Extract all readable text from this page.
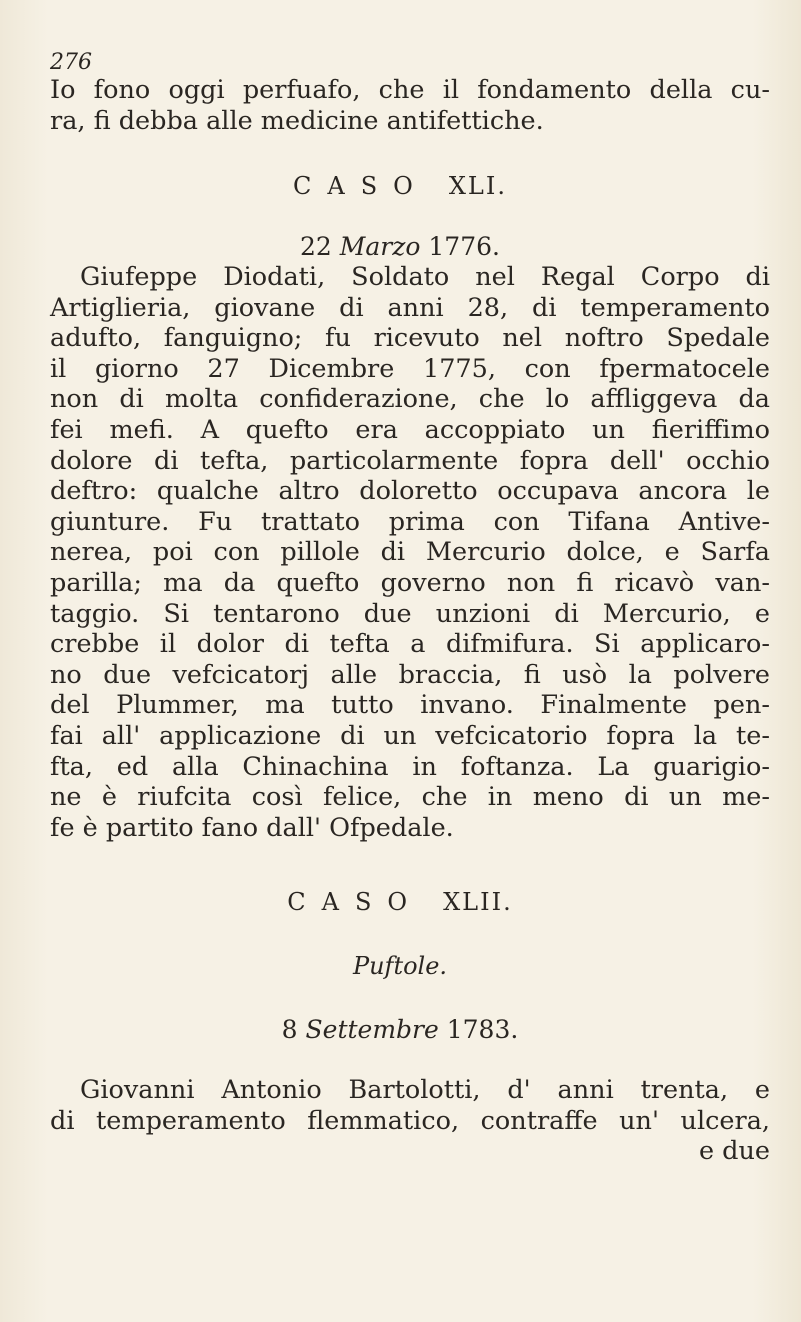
276
Io fono oggi perfuafo, che il fondamento della cu-
ra, fi debba alle medicine antifettiche.
CASO XLI.
22 Marzo 1776.
Giufeppe Diodati, Soldato nel Regal Corpo di
Artiglieria, giovane di anni 28, di temperamento
adufto, fanguigno; fu ricevuto nel noftro Spedale
il giorno 27 Dicembre 1775, con fpermatocele
non di molta confiderazione, che lo affliggeva da
fei mefi. A quefto era accoppiato un fieriffimo
dolore di tefta, particolarmente fopra dell' occhio
deftro: qualche altro doloretto occupava ancora le
giunture. Fu trattato prima con Tifana Antive-
nerea, poi con pillole di Mercurio dolce, e Sarfa
parilla; ma da quefto governo non fi ricavò van-
taggio. Si tentarono due unzioni di Mercurio, e
crebbe il dolor di tefta a difmifura. Si applicaro-
no due vefcicatorj alle braccia, fi usò la polvere
del Plummer, ma tutto invano. Finalmente pen-
fai all' applicazione di un vefcicatorio fopra la te-
fta, ed alla Chinachina in foftanza. La guarigio-
ne è riufcita così felice, che in meno di un me-
fe è partito fano dall' Ofpedale.
CASO XLII.
Puftole.
8 Settembre 1783.
Giovanni Antonio Bartolotti, d' anni trenta, e
di temperamento flemmatico, contraffe un' ulcera,
e due
